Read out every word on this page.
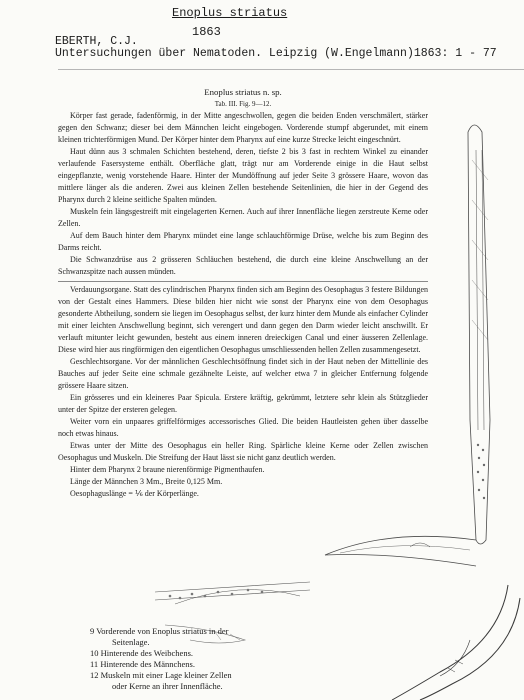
Enoplus striatus
1863
EBERTH, C.J.
Untersuchungen über Nematoden. Leipzig (W.Engelmann)1863: 1 - 77

Enoplus striatus n. sp.

Tab. III. Fig. 9—12.

Körper fast gerade, fadenförmig, in der Mitte angeschwollen, gegen die beiden Enden verschmälert, stärker gegen den Schwanz; dieser bei dem Männchen leicht eingebogen. Vorderende stumpf abgerundet, mit einem kleinen trichterförmigen Mund. Der Körper hinter dem Pharynx auf eine kurze Strecke leicht eingeschnürt.

Haut dünn aus 3 schmalen Schichten bestehend, deren, tiefste 2 bis 3 fast in rechtem Winkel zu einander verlaufende Fasersysteme enthält. Oberfläche glatt, trägt nur am Vorderende einige in die Haut selbst eingepflanzte, wenig vorstehende Haare. Hinter der Mundöffnung auf jeder Seite 3 grössere Haare, wovon das mittlere länger als die anderen. Zwei aus kleinen Zellen bestehende Seitenlinien, die hier in der Gegend des Pharynx durch 2 kleine seitliche Spalten münden.

Muskeln fein längsgestreift mit eingelagerten Kernen. Auch auf ihrer Innenfläche liegen zerstreute Kerne oder Zellen.

Auf dem Bauch hinter dem Pharynx mündet eine lange schlauchförmige Drüse, welche bis zum Beginn des Darms reicht.

Die Schwanzdrüse aus 2 grösseren Schläuchen bestehend, die durch eine kleine Anschwellung an der Schwanzspitze nach aussen münden.

Verdauungsorgane. Statt des cylindrischen Pharynx finden sich am Beginn des Oesophagus 3 festere Bildungen von der Gestalt eines Hammers. Diese bilden hier nicht wie sonst der Pharynx eine von dem Oesophagus gesonderte Abtheilung, sondern sie liegen im Oesophagus selbst, der kurz hinter dem Munde als einfacher Cylinder mit einer leichten Anschwellung beginnt, sich verengert und dann gegen den Darm wieder leicht anschwillt. Er verlauft mitunter leicht gewunden, besteht aus einem inneren dreieckigen Canal und einer äusseren Zellenlage. Diese wird hier aus ringförmigen den eigentlichen Oesophagus umschliessenden hellen Zellen zusammengesetzt.

Geschlechtsorgane. Vor der männlichen Geschlechtsöffnung findet sich in der Haut neben der Mittellinie des Bauches auf jeder Seite eine schmale gezähnelte Leiste, auf welcher etwa 7 in gleicher Entfernung folgende grössere Haare sitzen.

Ein grösseres und ein kleineres Paar Spicula. Erstere kräftig, gekrümmt, letztere sehr klein als Stützglieder unter der Spitze der ersteren gelegen.

Weiter vorn ein unpaares griffelförmiges accessorisches Glied. Die beiden Hautleisten gehen über dasselbe noch etwas hinaus.

Etwas unter der Mitte des Oesophagus ein heller Ring. Spärliche kleine Kerne oder Zellen zwischen Oesophagus und Muskeln. Die Streifung der Haut lässt sie nicht ganz deutlich werden.

Hinter dem Pharynx 2 braune nierenförmige Pigmenthaufen.

Länge der Männchen 3 Mm., Breite 0,125 Mm.

Oesophaguslänge = ⅙ der Körperlänge.

9 Vorderende von Enoplus striatus in der

Seitenlage.

10 Hinterende des Weibchens.

11 Hinterende des Männchens.

12 Muskeln mit einer Lage kleiner Zellen

oder Kerne an ihrer Innenfläche.
